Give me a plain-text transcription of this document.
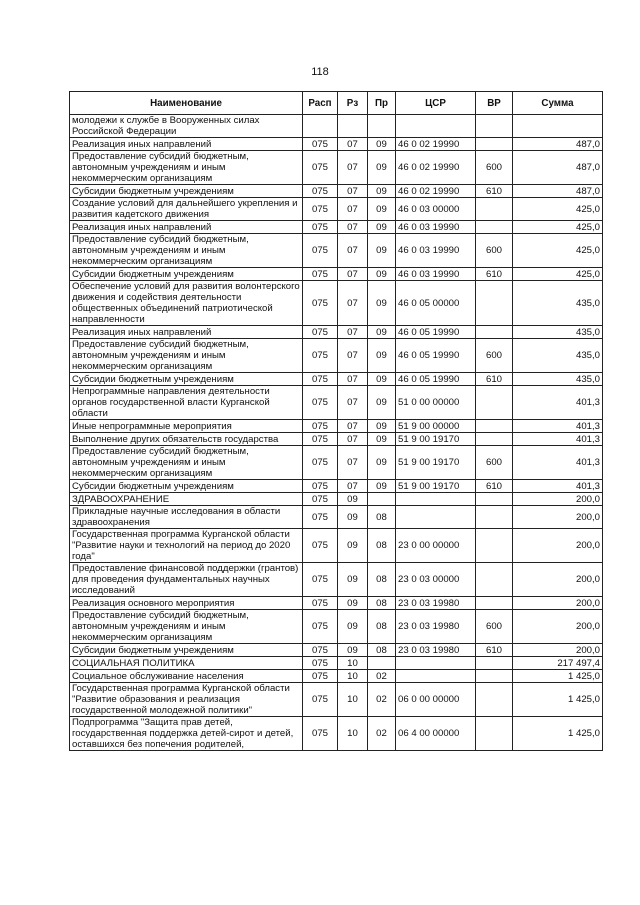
118
Наименование	Расп	Рз	Пр	ЦСР	ВР	Сумма
молодежи к службе в Вооруженных силах Российской Федерации						
Реализация иных направлений	075	07	09	46 0 02 19990		487,0
Предоставление субсидий бюджетным, автономным учреждениям и иным некоммерческим организациям	075	07	09	46 0 02 19990	600	487,0
Субсидии бюджетным учреждениям	075	07	09	46 0 02 19990	610	487,0
Создание условий для дальнейшего укрепления и развития кадетского движения	075	07	09	46 0 03 00000		425,0
Реализация иных направлений	075	07	09	46 0 03 19990		425,0
Предоставление субсидий бюджетным, автономным учреждениям и иным некоммерческим организациям	075	07	09	46 0 03 19990	600	425,0
Субсидии бюджетным учреждениям	075	07	09	46 0 03 19990	610	425,0
Обеспечение условий для развития волонтерского движения и содействия деятельности общественных объединений патриотической направленности	075	07	09	46 0 05 00000		435,0
Реализация иных направлений	075	07	09	46 0 05 19990		435,0
Предоставление субсидий бюджетным, автономным учреждениям и иным некоммерческим организациям	075	07	09	46 0 05 19990	600	435,0
Субсидии бюджетным учреждениям	075	07	09	46 0 05 19990	610	435,0
Непрограммные направления деятельности органов государственной власти Курганской области	075	07	09	51 0 00 00000		401,3
Иные непрограммные мероприятия	075	07	09	51 9 00 00000		401,3
Выполнение других обязательств государства	075	07	09	51 9 00 19170		401,3
Предоставление субсидий бюджетным, автономным учреждениям и иным некоммерческим организациям	075	07	09	51 9 00 19170	600	401,3
Субсидии бюджетным учреждениям	075	07	09	51 9 00 19170	610	401,3
ЗДРАВООХРАНЕНИЕ	075	09				200,0
Прикладные научные исследования в области здравоохранения	075	09	08			200,0
Государственная программа Курганской области "Развитие науки и технологий на период до 2020 года"	075	09	08	23 0 00 00000		200,0
Предоставление финансовой поддержки (грантов) для проведения фундаментальных научных исследований	075	09	08	23 0 03 00000		200,0
Реализация основного мероприятия	075	09	08	23 0 03 19980		200,0
Предоставление субсидий бюджетным, автономным учреждениям и иным некоммерческим организациям	075	09	08	23 0 03 19980	600	200,0
Субсидии бюджетным учреждениям	075	09	08	23 0 03 19980	610	200,0
СОЦИАЛЬНАЯ ПОЛИТИКА	075	10				217 497,4
Социальное обслуживание населения	075	10	02			1 425,0
Государственная программа Курганской области "Развитие образования и реализация государственной молодежной политики"	075	10	02	06 0 00 00000		1 425,0
Подпрограмма "Защита прав детей, государственная поддержка детей-сирот и детей, оставшихся без попечения родителей,	075	10	02	06 4 00 00000		1 425,0
